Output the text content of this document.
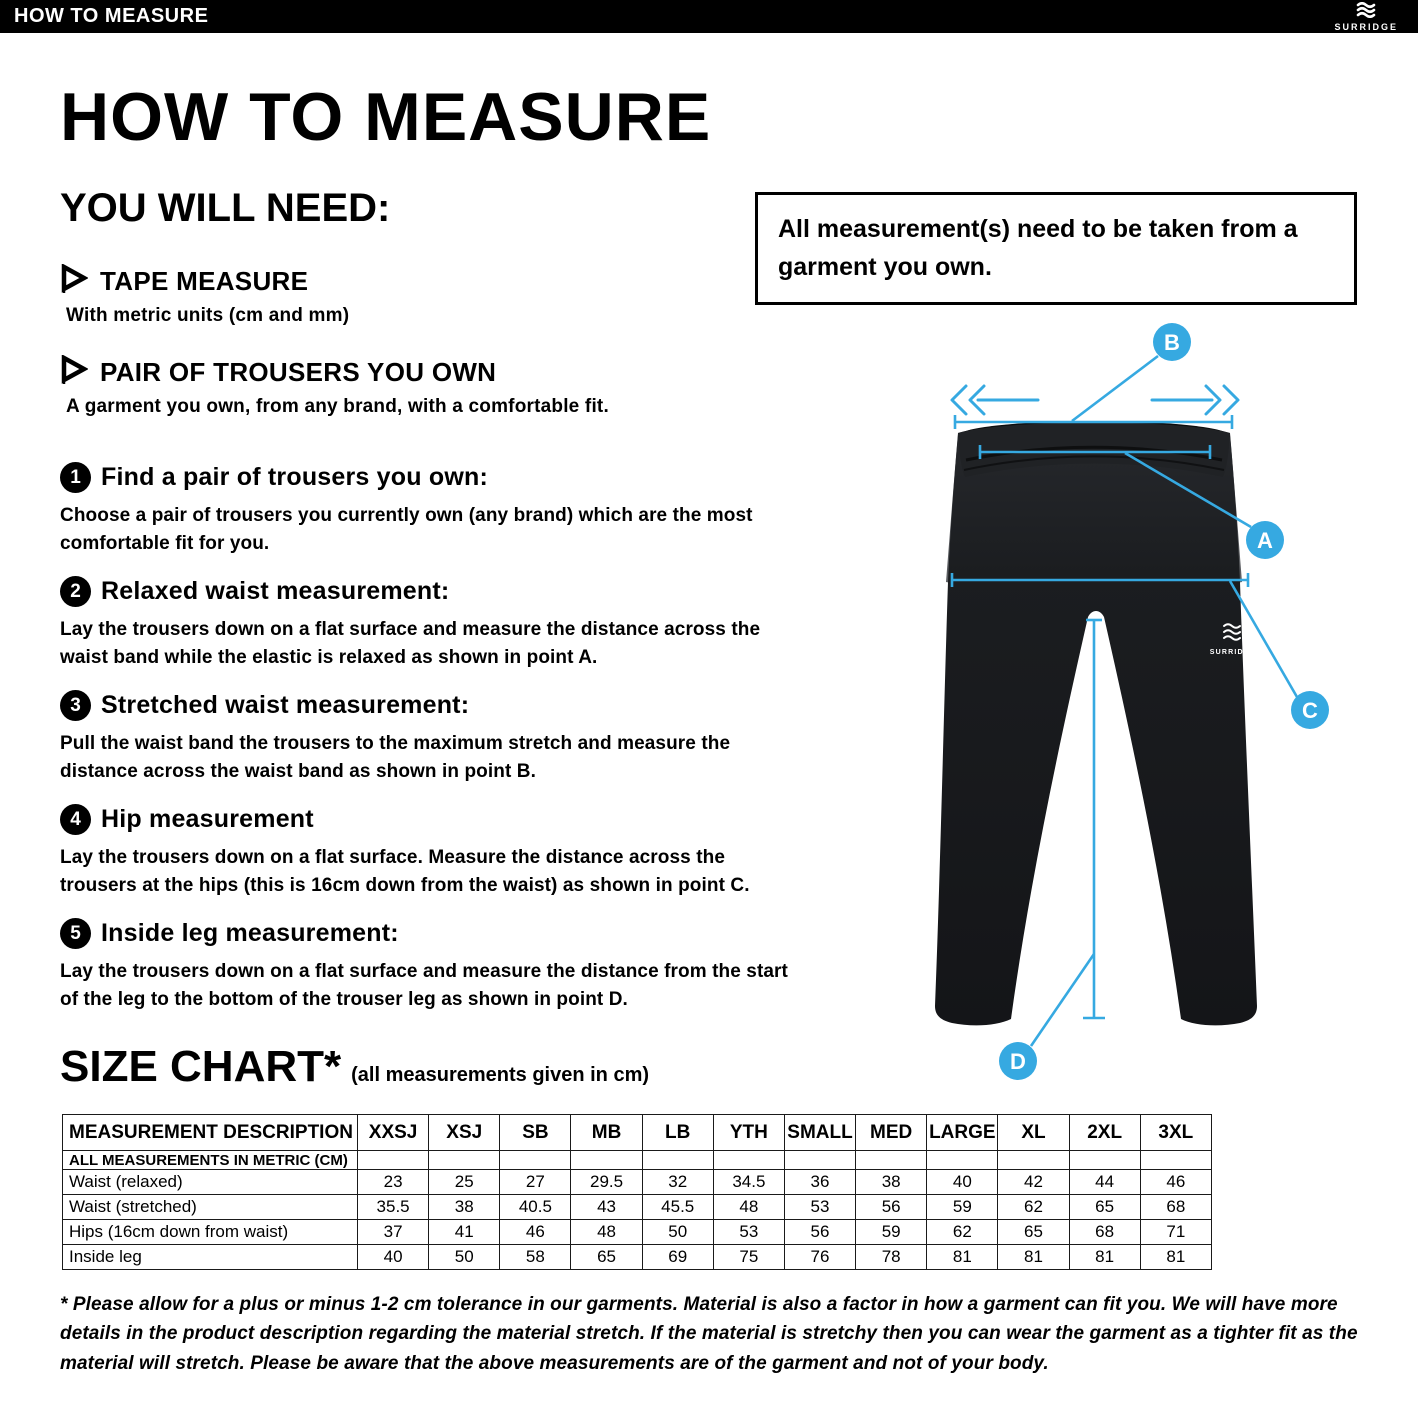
HOW TO MEASURE	SURRIDGE
HOW TO MEASURE
YOU WILL NEED:
TAPE MEASURE
With metric units (cm and mm)
PAIR OF TROUSERS YOU OWN
A garment you own, from any brand, with a comfortable fit.
All measurement(s) need to be taken from a garment you own.
1 Find a pair of trousers you own:
Choose a pair of trousers you currently own (any brand) which are the most comfortable fit for you.
2 Relaxed waist measurement:
Lay the trousers down on a flat surface and measure the distance across the waist band while the elastic is relaxed as shown in point A.
3 Stretched waist measurement:
Pull the waist band the trousers to the maximum stretch and measure the distance across the waist band as shown in point B.
4 Hip measurement
Lay the trousers down on a flat surface. Measure the distance across the trousers at the hips (this is 16cm down from the waist) as shown in point C.
5 Inside leg measurement:
Lay the trousers down on a flat surface and measure the distance from the start of the leg to the bottom of the trouser leg as shown in point D.
SURRIDGE
B
A
C
D
SIZE CHART* (all measurements given in cm)
MEASUREMENT DESCRIPTION	XXSJ	XSJ	SB	MB	LB	YTH	SMALL	MED	LARGE	XL	2XL	3XL
ALL MEASUREMENTS IN METRIC (CM)												
Waist (relaxed)	23	25	27	29.5	32	34.5	36	38	40	42	44	46
Waist (stretched)	35.5	38	40.5	43	45.5	48	53	56	59	62	65	68
Hips (16cm down from waist)	37	41	46	48	50	53	56	59	62	65	68	71
Inside leg	40	50	58	65	69	75	76	78	81	81	81	81
* Please allow for a plus or minus 1-2 cm tolerance in our garments. Material is also a factor in how a garment can fit you. We will have more details in the product description regarding the material stretch. If the material is stretchy then you can wear the garment as a tighter fit as the material will stretch. Please be aware that the above measurements are of the garment and not of your body.
